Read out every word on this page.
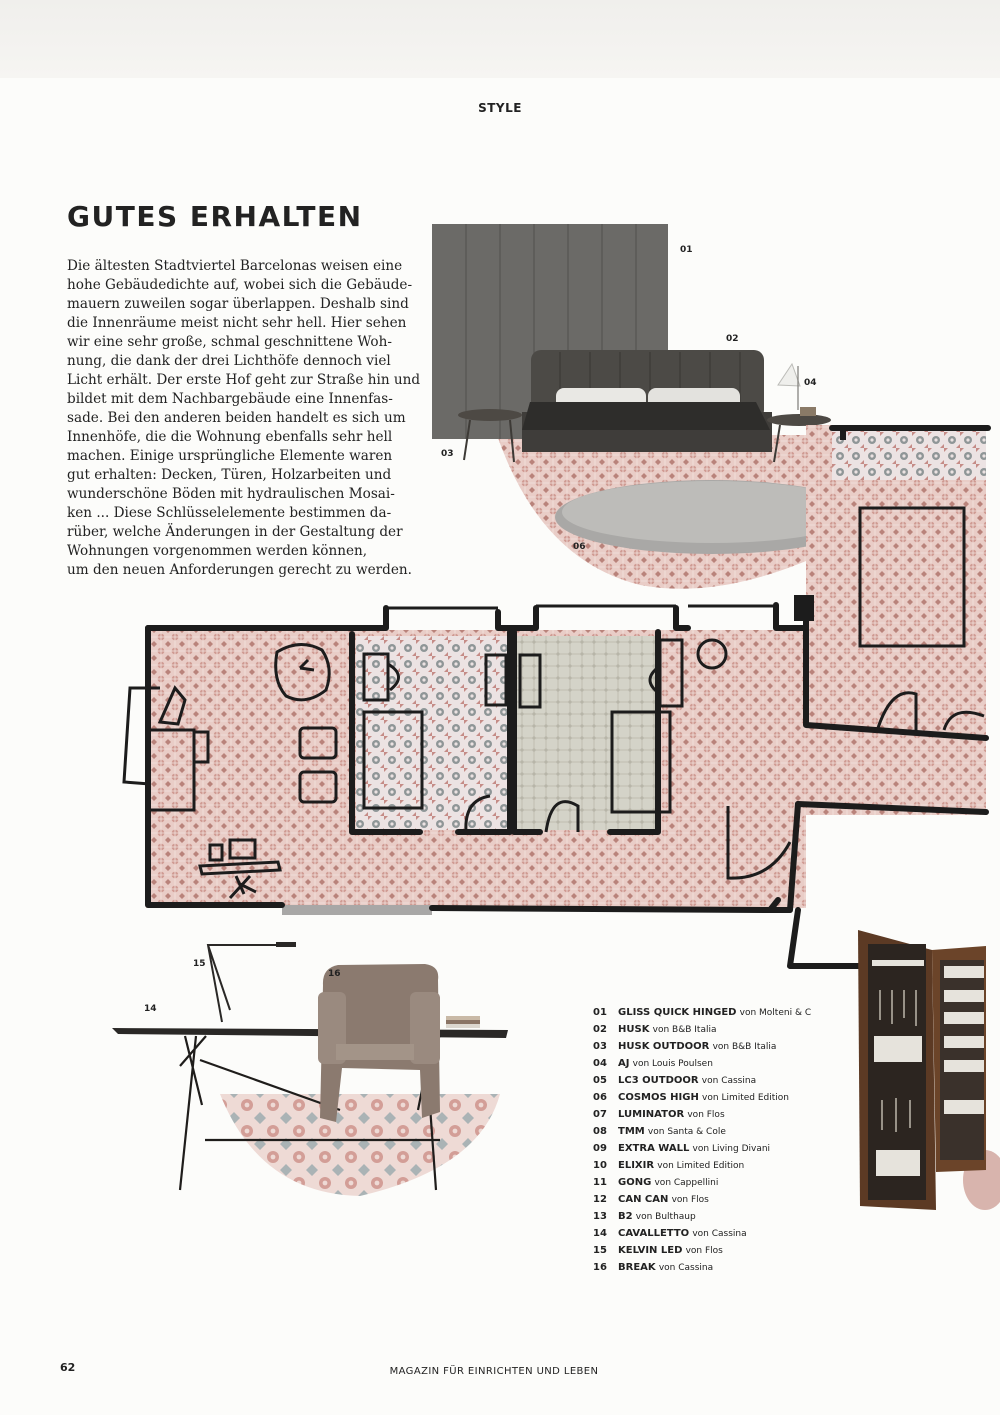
STYLE
GUTES ERHALTEN
Die ältesten Stadtviertel Barcelonas weisen eine
hohe Gebäudedichte auf, wobei sich die Gebäude-
mauern zuweilen sogar überlappen. Deshalb sind
die Innenräume meist nicht sehr hell. Hier sehen
wir eine sehr große, schmal geschnittene Woh-
nung, die dank der drei Lichthöfe dennoch viel
Licht erhält. Der erste Hof geht zur Straße hin und
bildet mit dem Nachbargebäude eine Innenfas-
sade. Bei den anderen beiden handelt es sich um
Innenhöfe, die die Wohnung ebenfalls sehr hell
machen. Einige ursprüngliche Elemente waren
gut erhalten: Decken, Türen, Holzarbeiten und
wunderschöne Böden mit hydraulischen Mosai-
ken ... Diese Schlüsselelemente bestimmen da-
rüber, welche Änderungen in der Gestaltung der
Wohnungen vorgenommen werden können,
um den neuen Anforderungen gerecht zu werden.
01
02
03
04
06
15
16
14	01 GLISS QUICK HINGED von Molteni & C
02 HUSK von B&B Italia
03 HUSK OUTDOOR von B&B Italia
04 AJ von Louis Poulsen
05 LC3 OUTDOOR von Cassina
06 COSMOS HIGH von Limited Edition
07 LUMINATOR von Flos
08 TMM von Santa & Cole
09 EXTRA WALL von Living Divani
10 ELIXIR von Limited Edition
11 GONG von Cappellini
12 CAN CAN von Flos
13 B2 von Bulthaup
14 CAVALLETTO von Cassina
15 KELVIN LED von Flos
16 BREAK von Cassina
62	MAGAZIN FÜR EINRICHTEN UND LEBEN
